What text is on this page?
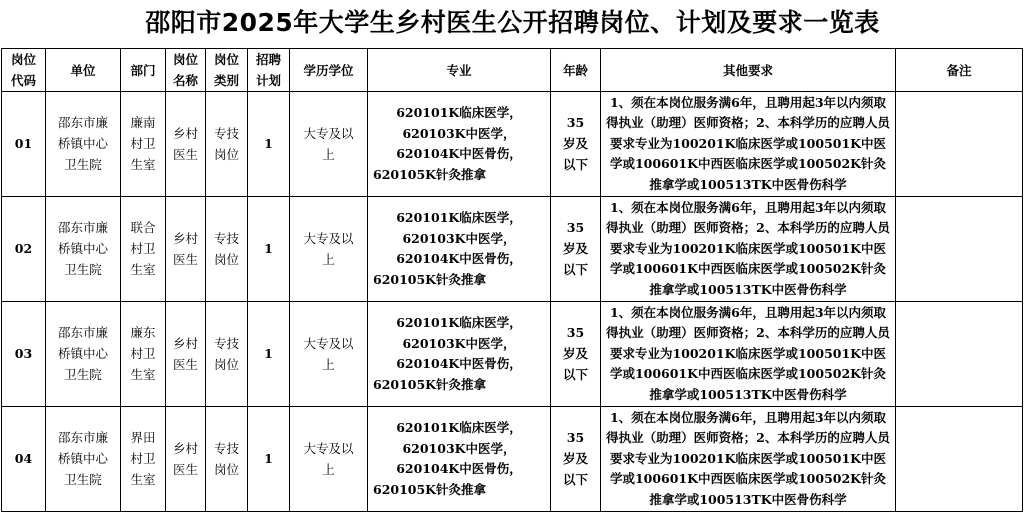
邵阳市2025年大学生乡村医生公开招聘岗位、计划及要求一览表
岗位代码	单位	部门	岗位名称	岗位类别	招聘计划	学历学位	专业	年龄	其他要求	备注
01	邵东市廉桥镇中心卫生院	廉南村卫生室	乡村医生	专技岗位	1	大专及以上	620101K临床医学，620103K中医学，620104K中医骨伤，620105K针灸推拿	35岁及以下	1、须在本岗位服务满6年，且聘用起3年以内须取得执业（助理）医师资格；2、本科学历的应聘人员要求专业为100201K临床医学或100501K中医学或100601K中西医临床医学或100502K针灸推拿学或100513TK中医骨伤科学	
02	邵东市廉桥镇中心卫生院	联合村卫生室	乡村医生	专技岗位	1	大专及以上	620101K临床医学，620103K中医学，620104K中医骨伤，620105K针灸推拿	35岁及以下	1、须在本岗位服务满6年，且聘用起3年以内须取得执业（助理）医师资格；2、本科学历的应聘人员要求专业为100201K临床医学或100501K中医学或100601K中西医临床医学或100502K针灸推拿学或100513TK中医骨伤科学	
03	邵东市廉桥镇中心卫生院	廉东村卫生室	乡村医生	专技岗位	1	大专及以上	620101K临床医学，620103K中医学，620104K中医骨伤，620105K针灸推拿	35岁及以下	1、须在本岗位服务满6年，且聘用起3年以内须取得执业（助理）医师资格；2、本科学历的应聘人员要求专业为100201K临床医学或100501K中医学或100601K中西医临床医学或100502K针灸推拿学或100513TK中医骨伤科学	
04	邵东市廉桥镇中心卫生院	界田村卫生室	乡村医生	专技岗位	1	大专及以上	620101K临床医学，620103K中医学，620104K中医骨伤，620105K针灸推拿	35岁及以下	1、须在本岗位服务满6年，且聘用起3年以内须取得执业（助理）医师资格；2、本科学历的应聘人员要求专业为100201K临床医学或100501K中医学或100601K中西医临床医学或100502K针灸推拿学或100513TK中医骨伤科学	
